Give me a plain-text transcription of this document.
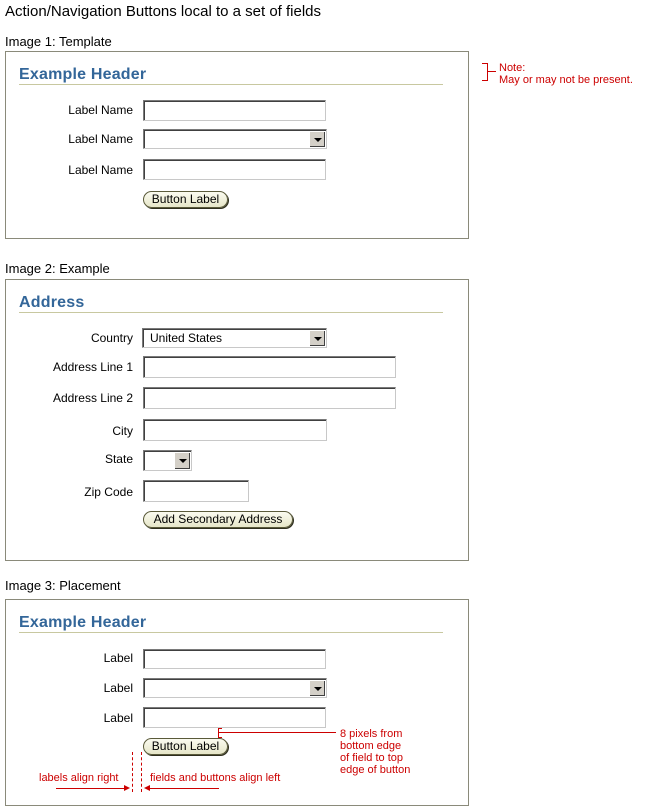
Action/Navigation Buttons local to a set of fields
Note:
May or may not be present.
Image 1: Template
Example Header
Label Name
Label Name
Label Name
Button Label
Image 2: Example
Address
Country United States
Address Line 1
Address Line 2
City
State
Zip Code
Add Secondary Address
Image 3: Placement
Example Header
Label
Label
Label
Button Label
8 pixels from
bottom edge
of field to top
edge of button
labels align right	fields and buttons align left
